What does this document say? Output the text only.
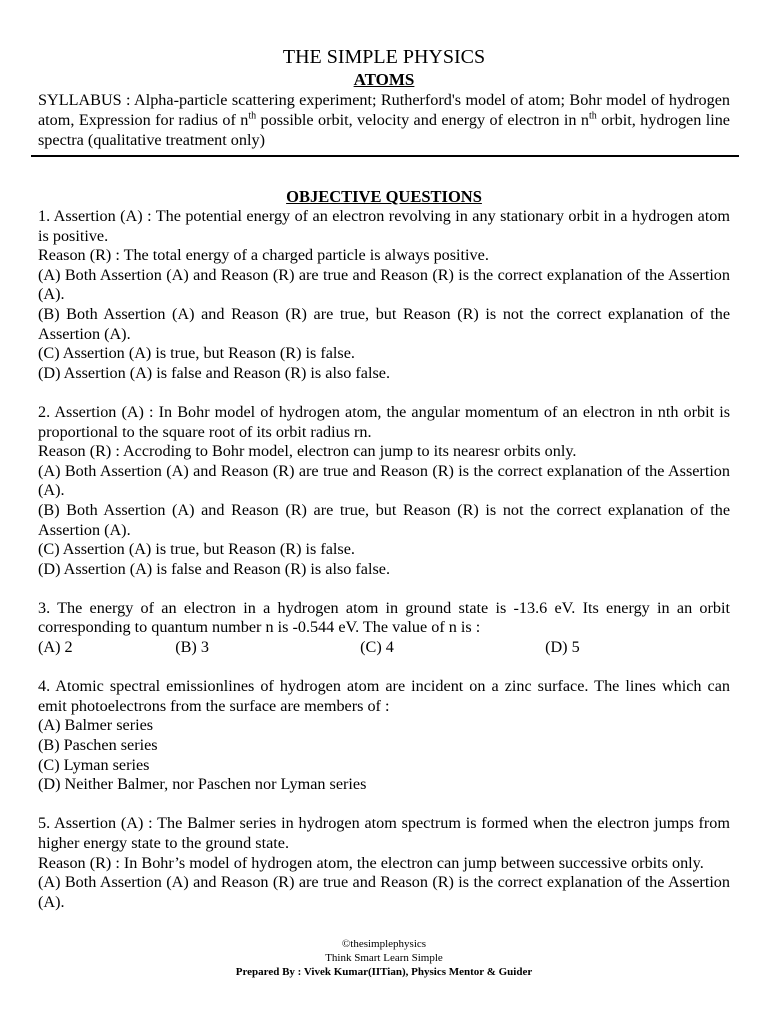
THE SIMPLE PHYSICS
ATOMS
SYLLABUS : Alpha-particle scattering experiment; Rutherford's model of atom; Bohr model of hydrogen atom, Expression for radius of $n^{th}$ possible orbit, velocity and energy of electron in $n^{th}$ orbit, hydrogen line spectra (qualitative treatment only)
OBJECTIVE QUESTIONS

1. Assertion (A) : The potential energy of an electron revolving in any stationary orbit in a hydrogen atom is positive.

Reason (R) : The total energy of a charged particle is always positive.

(A) Both Assertion (A) and Reason (R) are true and Reason (R) is the correct explanation of the Assertion (A).

(B) Both Assertion (A) and Reason (R) are true, but Reason (R) is not the correct explanation of the Assertion (A).

(C) Assertion (A) is true, but Reason (R) is false.

(D) Assertion (A) is false and Reason (R) is also false.

2. Assertion (A) : In Bohr model of hydrogen atom, the angular momentum of an electron in nth orbit is proportional to the square root of its orbit radius rn.

Reason (R) : Accroding to Bohr model, electron can jump to its nearesr orbits only.

(A) Both Assertion (A) and Reason (R) are true and Reason (R) is the correct explanation of the Assertion (A).

(B) Both Assertion (A) and Reason (R) are true, but Reason (R) is not the correct explanation of the Assertion (A).

(C) Assertion (A) is true, but Reason (R) is false.

(D) Assertion (A) is false and Reason (R) is also false.

3. The energy of an electron in a hydrogen atom in ground state is -13.6 eV. Its energy in an orbit corresponding to quantum number n is -0.544 eV. The value of n is :

(A) 2	(B) 3	(C) 4	(D) 5

4. Atomic spectral emissionlines of hydrogen atom are incident on a zinc surface. The lines which can emit photoelectrons from the surface are members of :

(A) Balmer series

(B) Paschen series

(C) Lyman series

(D) Neither Balmer, nor Paschen nor Lyman series

5. Assertion (A) : The Balmer series in hydrogen atom spectrum is formed when the electron jumps from higher energy state to the ground state.

Reason (R) : In Bohr’s model of hydrogen atom, the electron can jump between successive orbits only.

(A) Both Assertion (A) and Reason (R) are true and Reason (R) is the correct explanation of the Assertion (A).

©thesimplephysics
Think Smart Learn Simple
Prepared By : Vivek Kumar(IITian), Physics Mentor & Guider
